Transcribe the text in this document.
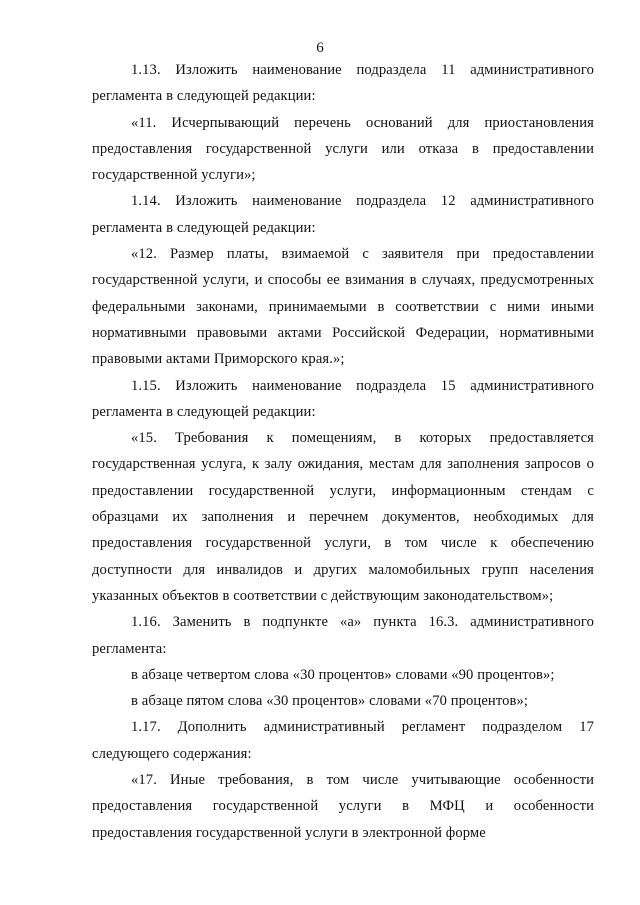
6

1.13. Изложить наименование подраздела 11 административного регламента в следующей редакции:

«11. Исчерпывающий перечень оснований для приостановления предоставления государственной услуги или отказа в предоставлении государственной услуги»;

1.14. Изложить наименование подраздела 12 административного регламента в следующей редакции:

«12. Размер платы, взимаемой с заявителя при предоставлении государственной услуги, и способы ее взимания в случаях, предусмотренных федеральными законами, принимаемыми в соответствии с ними иными нормативными правовыми актами Российской Федерации, нормативными правовыми актами Приморского края.»;

1.15. Изложить наименование подраздела 15 административного регламента в следующей редакции:

«15. Требования к помещениям, в которых предоставляется государственная услуга, к залу ожидания, местам для заполнения запросов о предоставлении государственной услуги, информационным стендам с образцами их заполнения и перечнем документов, необходимых для предоставления государственной услуги, в том числе к обеспечению доступности для инвалидов и других маломобильных групп населения указанных объектов в соответствии с действующим законодательством»;

1.16. Заменить в подпункте «а» пункта 16.3. административного регламента:

в абзаце четвертом слова «30 процентов» словами «90 процентов»;

в абзаце пятом слова «30 процентов» словами «70 процентов»;

1.17. Дополнить административный регламент подразделом 17 следующего содержания:

«17. Иные требования, в том числе учитывающие особенности предоставления государственной услуги в МФЦ и особенности предоставления государственной услуги в электронной форме
